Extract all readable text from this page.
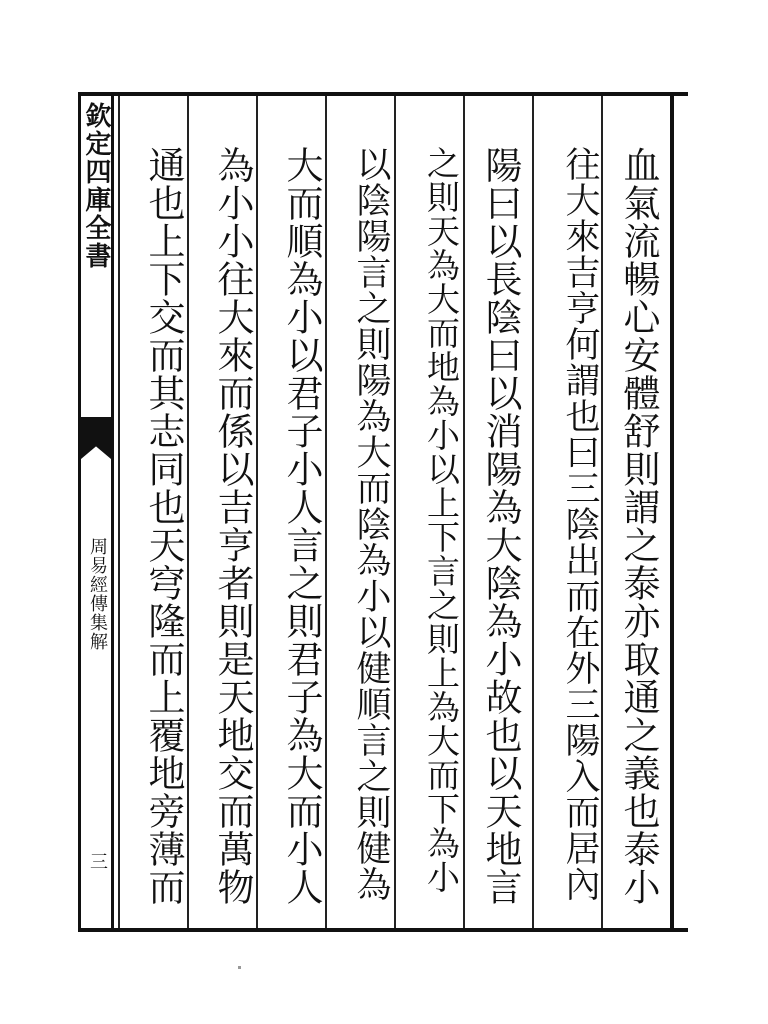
欽定四庫全書
周易經傳集解
三	血氣流暢心安體舒則謂之泰亦取通之義也泰小
往大來吉亨何謂也曰三陰出而在外三陽入而居內
陽曰以長陰曰以消陽為大陰為小故也以天地言
之則天為大而地為小以上下言之則上為大而下為小
以陰陽言之則陽為大而陰為小以健順言之則健為
大而順為小以君子小人言之則君子為大而小人
為小小往大來而係以吉亨者則是天地交而萬物
通也上下交而其志同也天穹隆而上覆地旁薄而
